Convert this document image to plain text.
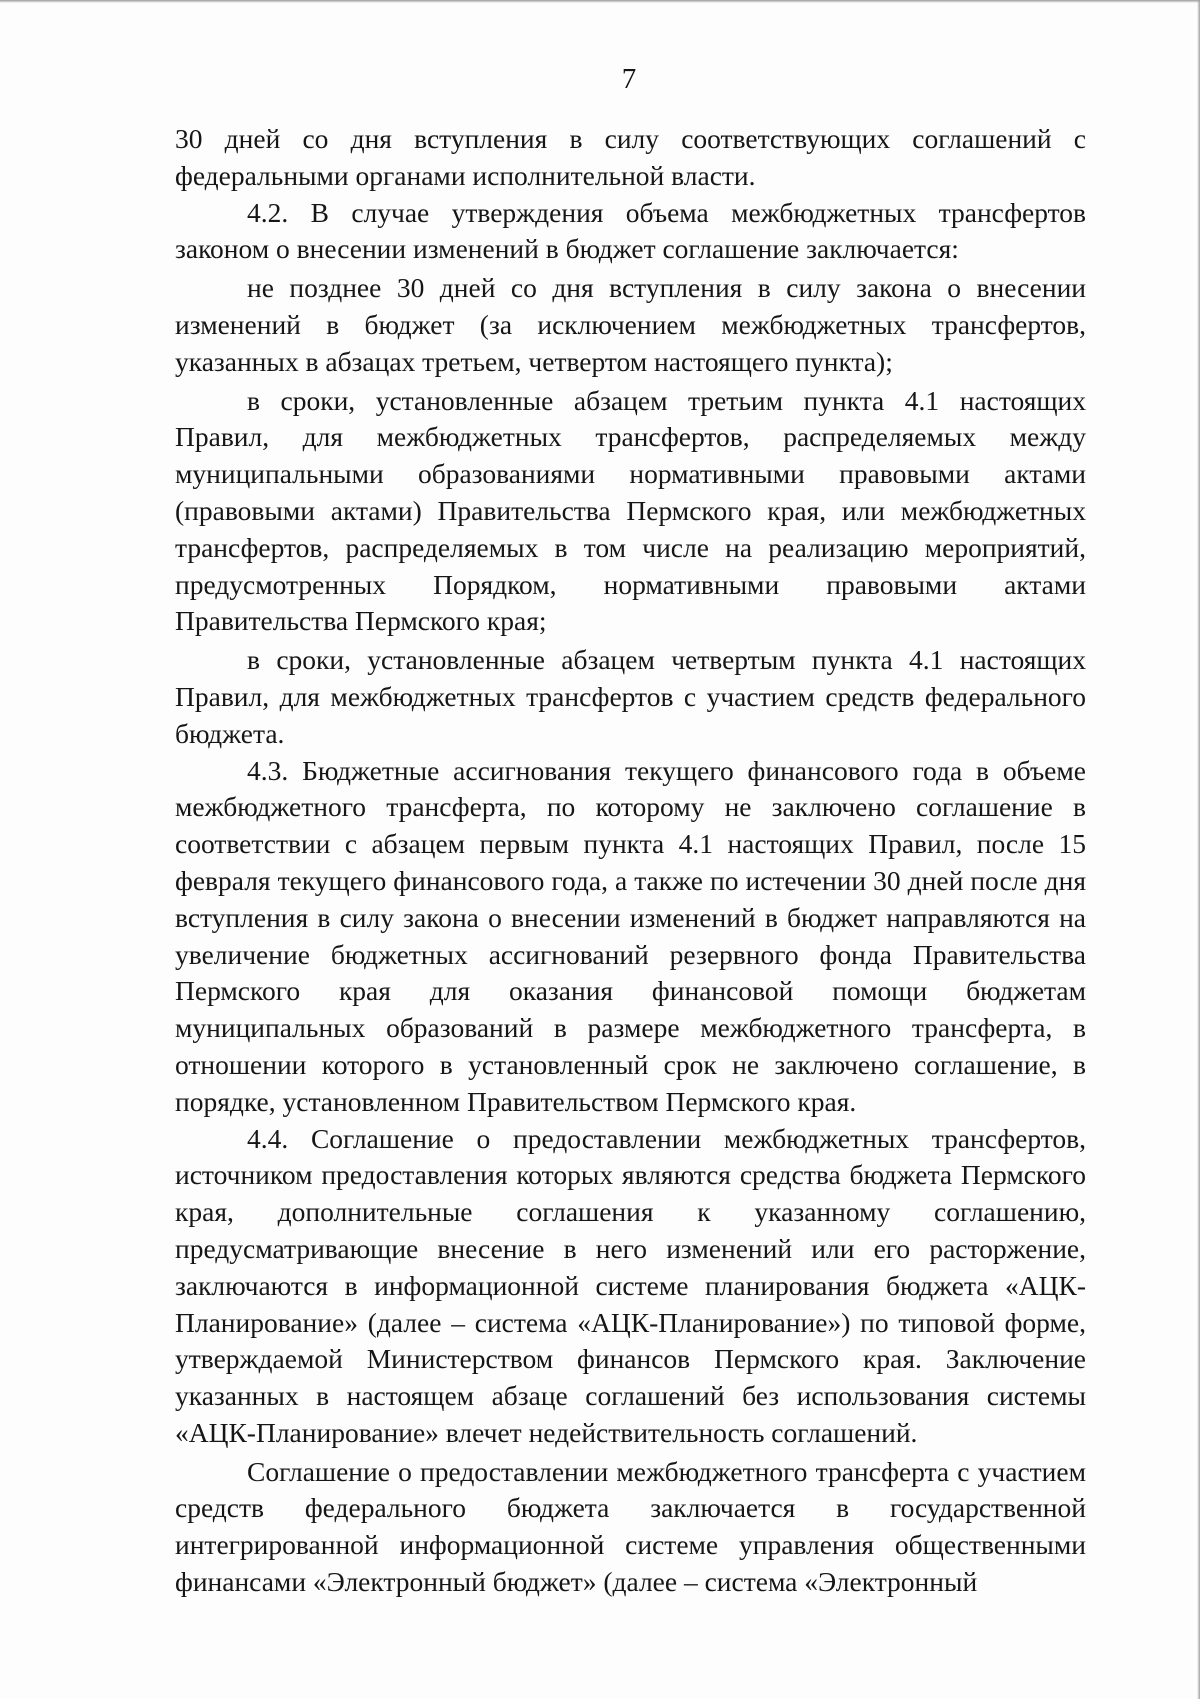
7

30 дней со дня вступления в силу соответствующих соглашений с федеральными органами исполнительной власти.

4.2. В случае утверждения объема межбюджетных трансфертов законом о внесении изменений в бюджет соглашение заключается:

не позднее 30 дней со дня вступления в силу закона о внесении изменений в бюджет (за исключением межбюджетных трансфертов, указанных в абзацах третьем, четвертом настоящего пункта);

в сроки, установленные абзацем третьим пункта 4.1 настоящих Правил, для межбюджетных трансфертов, распределяемых между муниципальными образованиями нормативными правовыми актами (правовыми актами) Правительства Пермского края, или межбюджетных трансфертов, распределяемых в том числе на реализацию мероприятий, предусмотренных Порядком, нормативными правовыми актами Правительства Пермского края;

в сроки, установленные абзацем четвертым пункта 4.1 настоящих Правил, для межбюджетных трансфертов с участием средств федерального бюджета.

4.3. Бюджетные ассигнования текущего финансового года в объеме межбюджетного трансферта, по которому не заключено соглашение в соответствии с абзацем первым пункта 4.1 настоящих Правил, после 15 февраля текущего финансового года, а также по истечении 30 дней после дня вступления в силу закона о внесении изменений в бюджет направляются на увеличение бюджетных ассигнований резервного фонда Правительства Пермского края для оказания финансовой помощи бюджетам муниципальных образований в размере межбюджетного трансферта, в отношении которого в установленный срок не заключено соглашение, в порядке, установленном Правительством Пермского края.

4.4. Соглашение о предоставлении межбюджетных трансфертов, источником предоставления которых являются средства бюджета Пермского края, дополнительные соглашения к указанному соглашению, предусматривающие внесение в него изменений или его расторжение, заключаются в информационной системе планирования бюджета «АЦК-Планирование» (далее – система «АЦК-Планирование») по типовой форме, утверждаемой Министерством финансов Пермского края. Заключение указанных в настоящем абзаце соглашений без использования системы «АЦК-Планирование» влечет недействительность соглашений.

Соглашение о предоставлении межбюджетного трансферта с участием средств федерального бюджета заключается в государственной интегрированной информационной системе управления общественными финансами «Электронный бюджет» (далее – система «Электронный
